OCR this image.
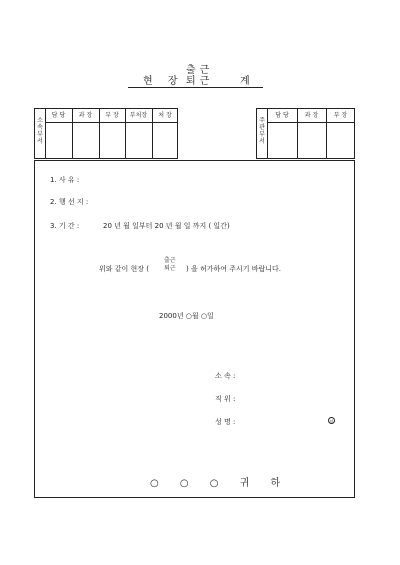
현 장
출근
퇴근	계
소
속
부
서
담 당	과 장	부 장	부처장	처 장
주
관
부
서
담 당	과 장	부 장
1. 사 유 :
2. 행 선 지 :
3. 기 간 :	20 년 월 일부터 20 년 월 일 까지 ( 일간)
위와 같이 현장 (
출근
퇴근 ) 을 허가하여 주시기 바랍니다.
2000년 ○월 ○일
소 속 :
직 위 :
성 명 :	인
○ ○ ○ 귀 하
